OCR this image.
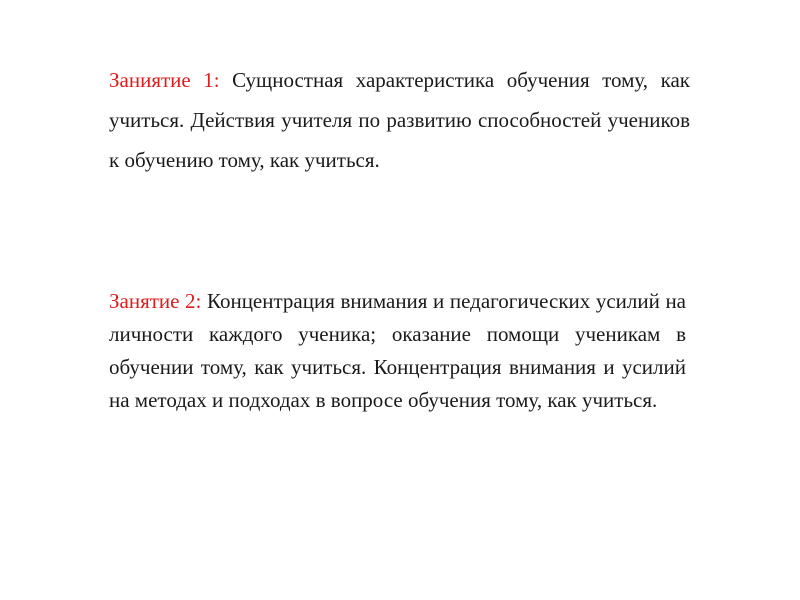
Заниятие 1: Сущностная характеристика обучения тому, как учиться. Действия учителя по развитию способностей учеников к обучению тому, как учиться.

Занятие 2: Концентрация внимания и педагогических усилий на личности каждого ученика; оказание помощи ученикам в обучении тому, как учиться. Концентрация внимания и усилий на методах и подходах в вопросе обучения тому, как учиться.
